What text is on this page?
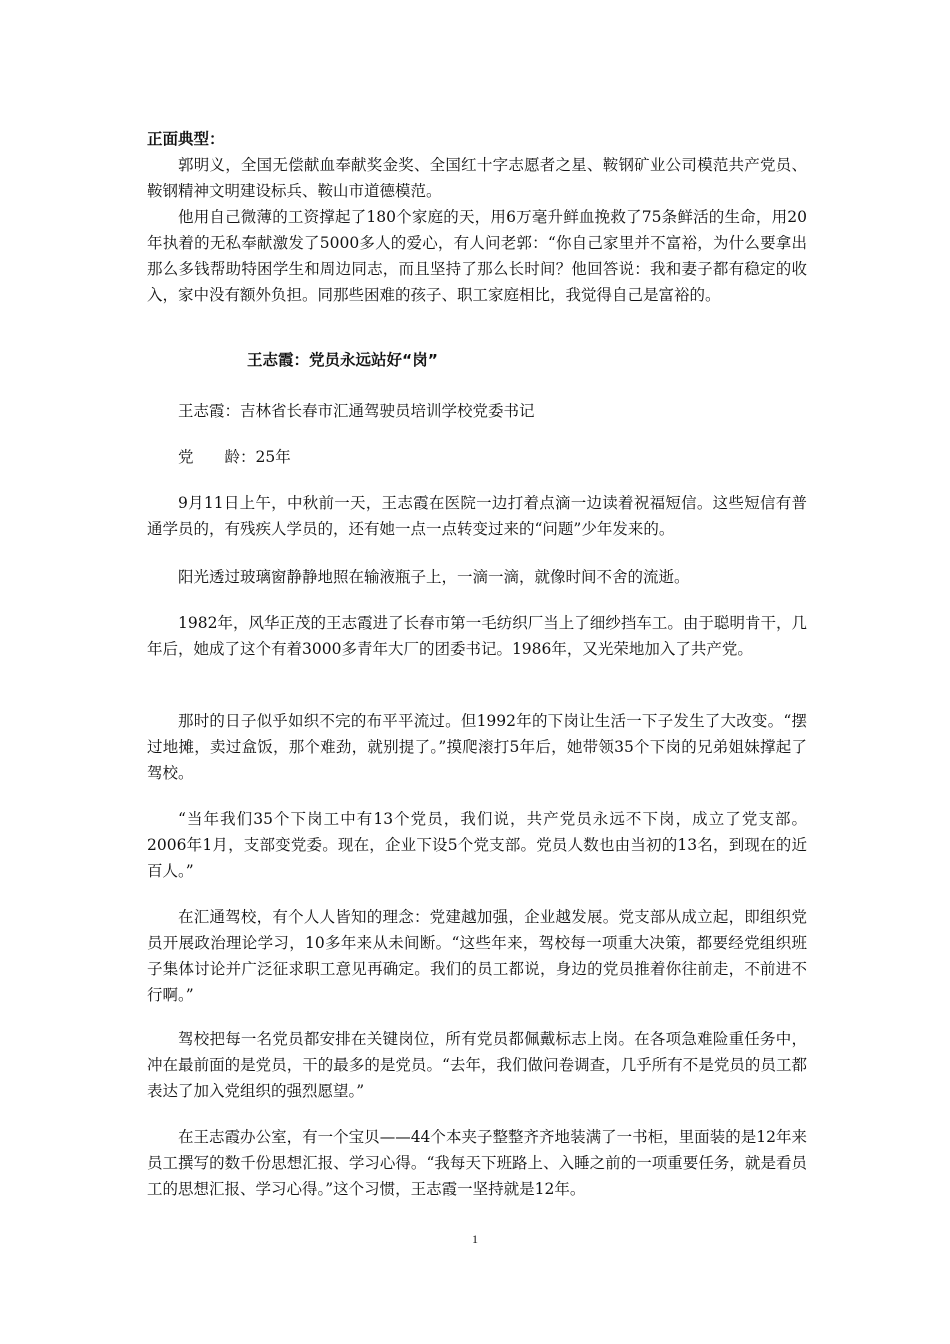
正面典型：

郭明义，全国无偿献血奉献奖金奖、全国红十字志愿者之星、鞍钢矿业公司模范共产党员、鞍钢精神文明建设标兵、鞍山市道德模范。

他用自己微薄的工资撑起了180个家庭的天，用6万毫升鲜血挽救了75条鲜活的生命，用20年执着的无私奉献激发了5000多人的爱心，有人问老郭：“你自己家里并不富裕，为什么要拿出那么多钱帮助特困学生和周边同志，而且坚持了那么长时间？他回答说：我和妻子都有稳定的收入，家中没有额外负担。同那些困难的孩子、职工家庭相比，我觉得自己是富裕的。

王志霞：党员永远站好“岗”
王志霞：吉林省长春市汇通驾驶员培训学校党委书记
党 龄：25年

9月11日上午，中秋前一天，王志霞在医院一边打着点滴一边读着祝福短信。这些短信有普通学员的，有残疾人学员的，还有她一点一点转变过来的“问题”少年发来的。

阳光透过玻璃窗静静地照在输液瓶子上，一滴一滴，就像时间不舍的流逝。

1982年，风华正茂的王志霞进了长春市第一毛纺织厂当上了细纱挡车工。由于聪明肯干，几年后，她成了这个有着3000多青年大厂的团委书记。1986年，又光荣地加入了共产党。

那时的日子似乎如织不完的布平平流过。但1992年的下岗让生活一下子发生了大改变。“摆过地摊，卖过盒饭，那个难劲，就别提了。”摸爬滚打5年后，她带领35个下岗的兄弟姐妹撑起了驾校。

“当年我们35个下岗工中有13个党员，我们说，共产党员永远不下岗，成立了党支部。2006年1月，支部变党委。现在，企业下设5个党支部。党员人数也由当初的13名，到现在的近百人。”

在汇通驾校，有个人人皆知的理念：党建越加强，企业越发展。党支部从成立起，即组织党员开展政治理论学习，10多年来从未间断。“这些年来，驾校每一项重大决策，都要经党组织班子集体讨论并广泛征求职工意见再确定。我们的员工都说，身边的党员推着你往前走，不前进不行啊。”

驾校把每一名党员都安排在关键岗位，所有党员都佩戴标志上岗。在各项急难险重任务中，冲在最前面的是党员，干的最多的是党员。“去年，我们做问卷调查，几乎所有不是党员的员工都表达了加入党组织的强烈愿望。”

在王志霞办公室，有一个宝贝——44个本夹子整整齐齐地装满了一书柜，里面装的是12年来员工撰写的数千份思想汇报、学习心得。“我每天下班路上、入睡之前的一项重要任务，就是看员工的思想汇报、学习心得。”这个习惯，王志霞一坚持就是12年。

1
